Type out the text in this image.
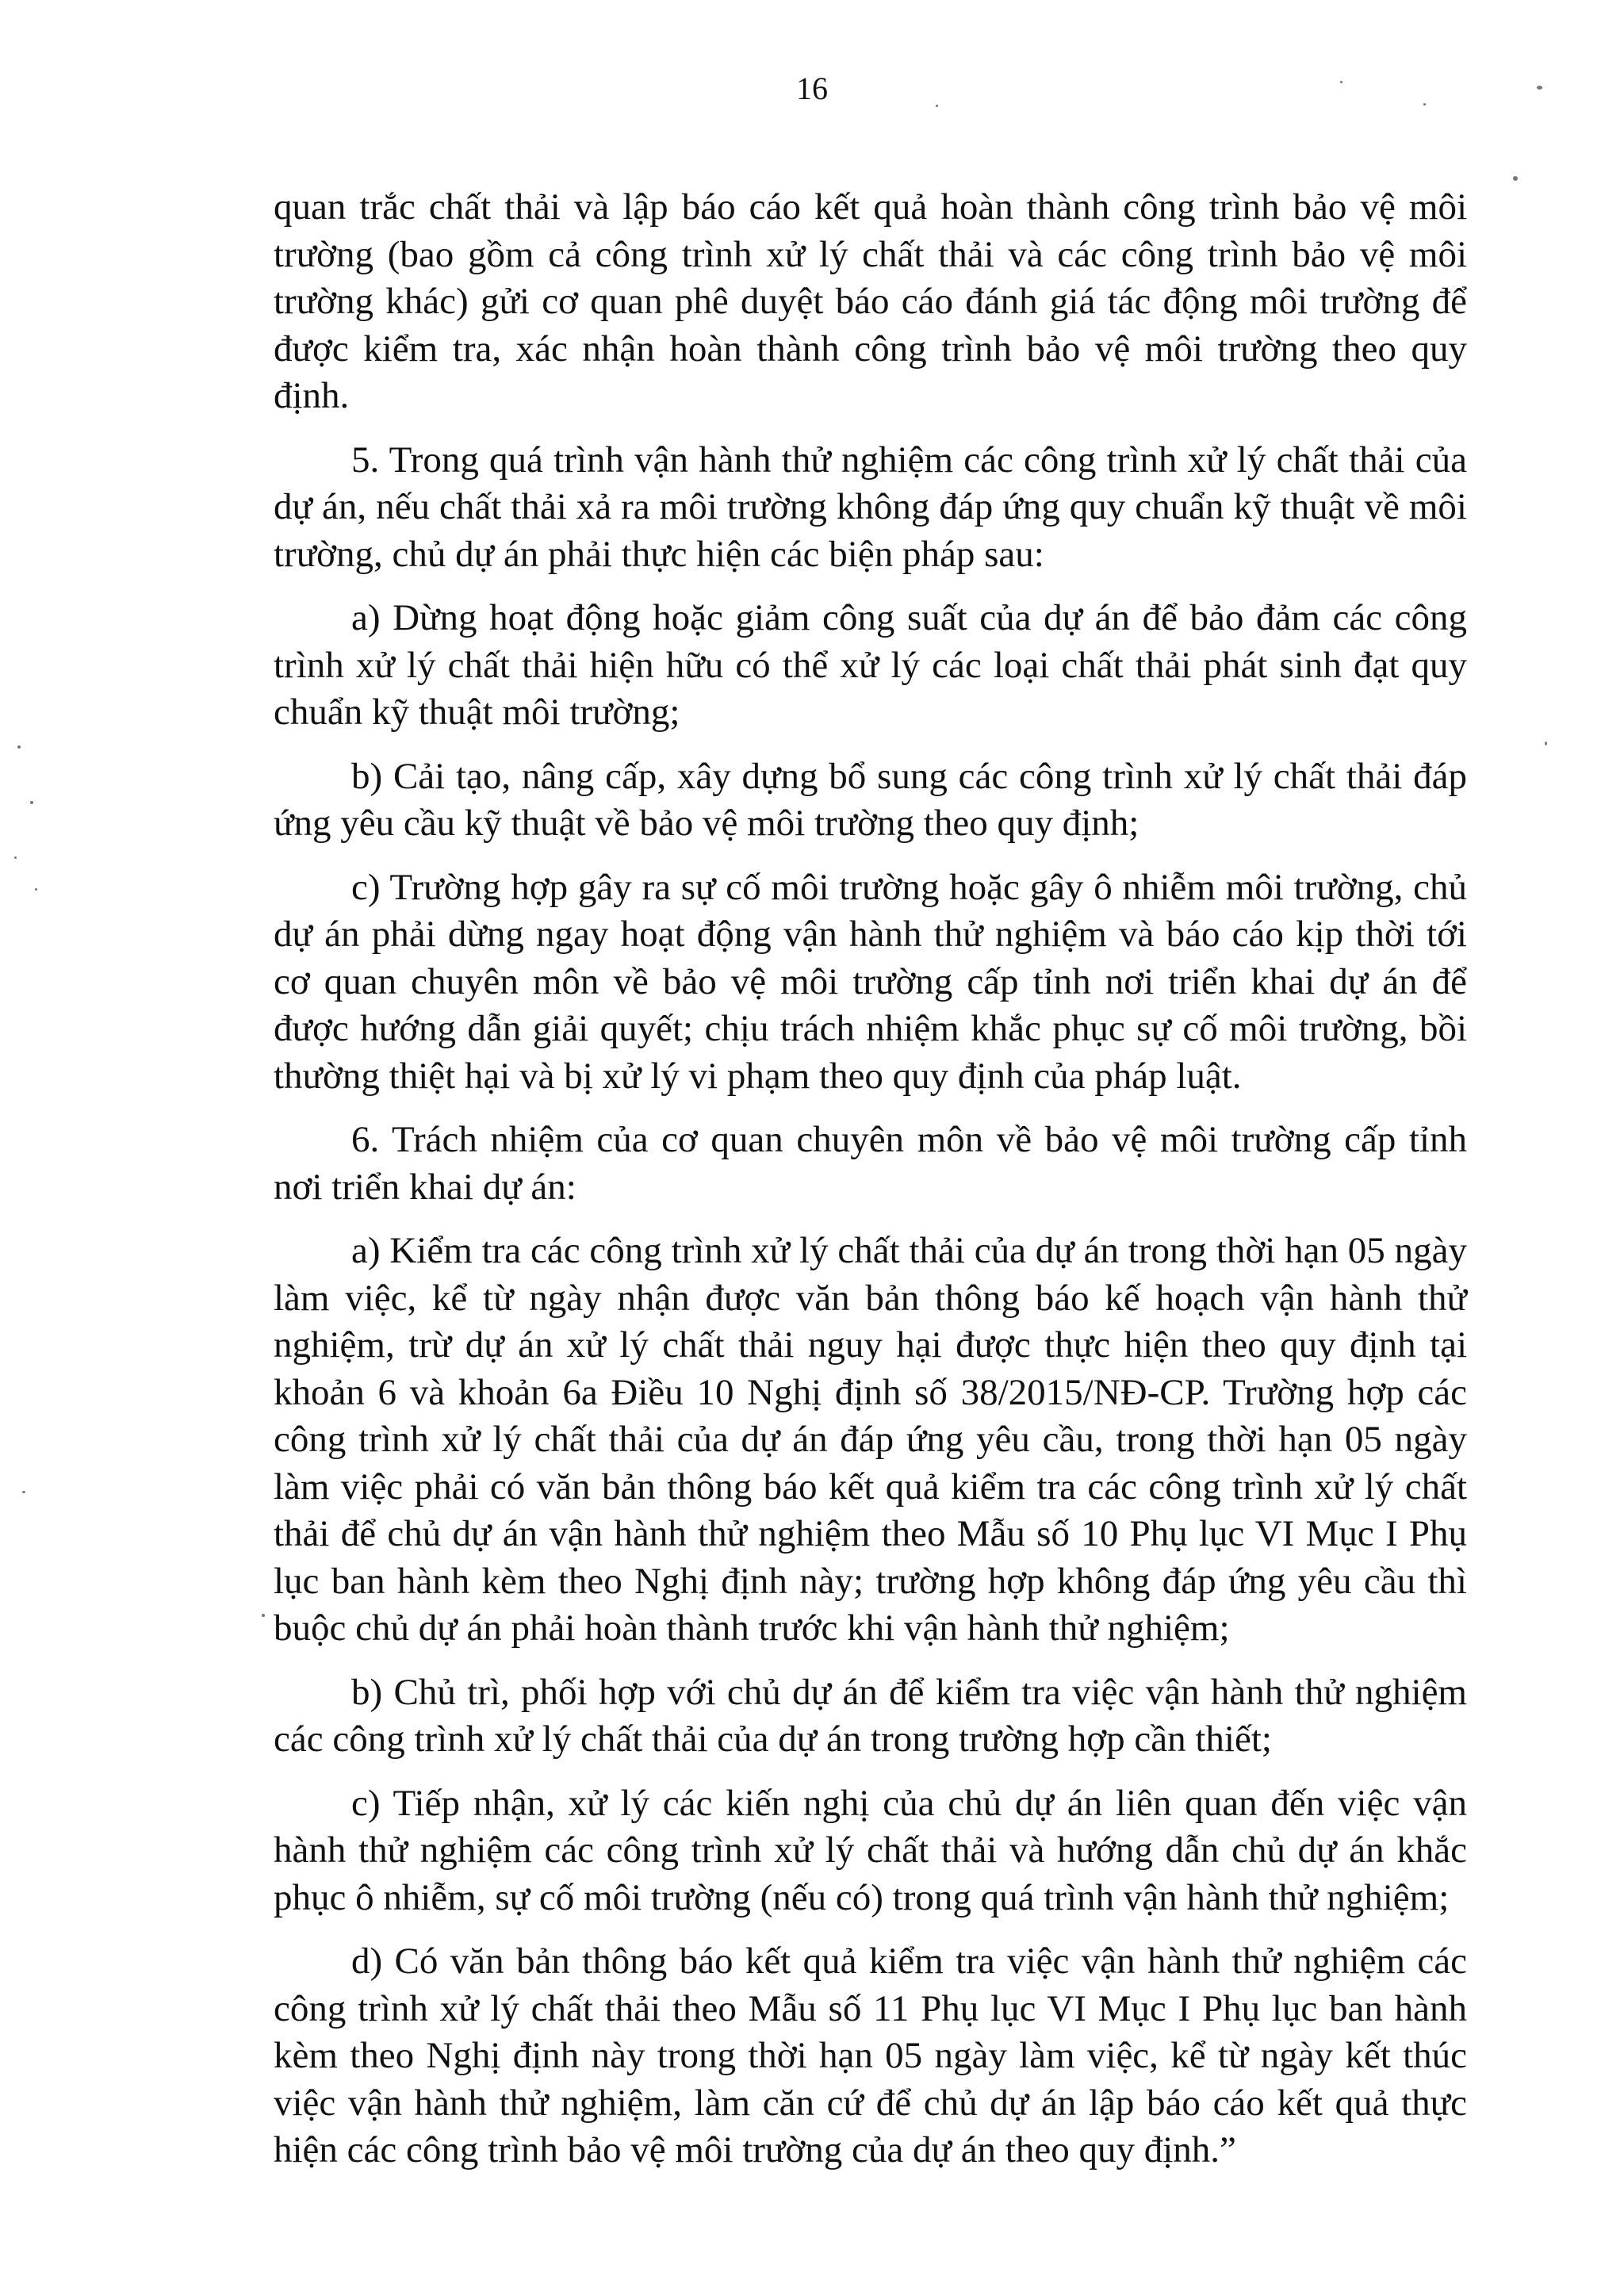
16

quan trắc chất thải và lập báo cáo kết quả hoàn thành công trình bảo vệ môi trường (bao gồm cả công trình xử lý chất thải và các công trình bảo vệ môi trường khác) gửi cơ quan phê duyệt báo cáo đánh giá tác động môi trường để được kiểm tra, xác nhận hoàn thành công trình bảo vệ môi trường theo quy định.

5. Trong quá trình vận hành thử nghiệm các công trình xử lý chất thải của dự án, nếu chất thải xả ra môi trường không đáp ứng quy chuẩn kỹ thuật về môi trường, chủ dự án phải thực hiện các biện pháp sau:

a) Dừng hoạt động hoặc giảm công suất của dự án để bảo đảm các công trình xử lý chất thải hiện hữu có thể xử lý các loại chất thải phát sinh đạt quy chuẩn kỹ thuật môi trường;

b) Cải tạo, nâng cấp, xây dựng bổ sung các công trình xử lý chất thải đáp ứng yêu cầu kỹ thuật về bảo vệ môi trường theo quy định;

c) Trường hợp gây ra sự cố môi trường hoặc gây ô nhiễm môi trường, chủ dự án phải dừng ngay hoạt động vận hành thử nghiệm và báo cáo kịp thời tới cơ quan chuyên môn về bảo vệ môi trường cấp tỉnh nơi triển khai dự án để được hướng dẫn giải quyết; chịu trách nhiệm khắc phục sự cố môi trường, bồi thường thiệt hại và bị xử lý vi phạm theo quy định của pháp luật.

6. Trách nhiệm của cơ quan chuyên môn về bảo vệ môi trường cấp tỉnh nơi triển khai dự án:

a) Kiểm tra các công trình xử lý chất thải của dự án trong thời hạn 05 ngày làm việc, kể từ ngày nhận được văn bản thông báo kế hoạch vận hành thử nghiệm, trừ dự án xử lý chất thải nguy hại được thực hiện theo quy định tại khoản 6 và khoản 6a Điều 10 Nghị định số 38/2015/NĐ-CP. Trường hợp các công trình xử lý chất thải của dự án đáp ứng yêu cầu, trong thời hạn 05 ngày làm việc phải có văn bản thông báo kết quả kiểm tra các công trình xử lý chất thải để chủ dự án vận hành thử nghiệm theo Mẫu số 10 Phụ lục VI Mục I Phụ lục ban hành kèm theo Nghị định này; trường hợp không đáp ứng yêu cầu thì buộc chủ dự án phải hoàn thành trước khi vận hành thử nghiệm;

b) Chủ trì, phối hợp với chủ dự án để kiểm tra việc vận hành thử nghiệm các công trình xử lý chất thải của dự án trong trường hợp cần thiết;

c) Tiếp nhận, xử lý các kiến nghị của chủ dự án liên quan đến việc vận hành thử nghiệm các công trình xử lý chất thải và hướng dẫn chủ dự án khắc phục ô nhiễm, sự cố môi trường (nếu có) trong quá trình vận hành thử nghiệm;

d) Có văn bản thông báo kết quả kiểm tra việc vận hành thử nghiệm các công trình xử lý chất thải theo Mẫu số 11 Phụ lục VI Mục I Phụ lục ban hành kèm theo Nghị định này trong thời hạn 05 ngày làm việc, kể từ ngày kết thúc việc vận hành thử nghiệm, làm căn cứ để chủ dự án lập báo cáo kết quả thực hiện các công trình bảo vệ môi trường của dự án theo quy định.”
